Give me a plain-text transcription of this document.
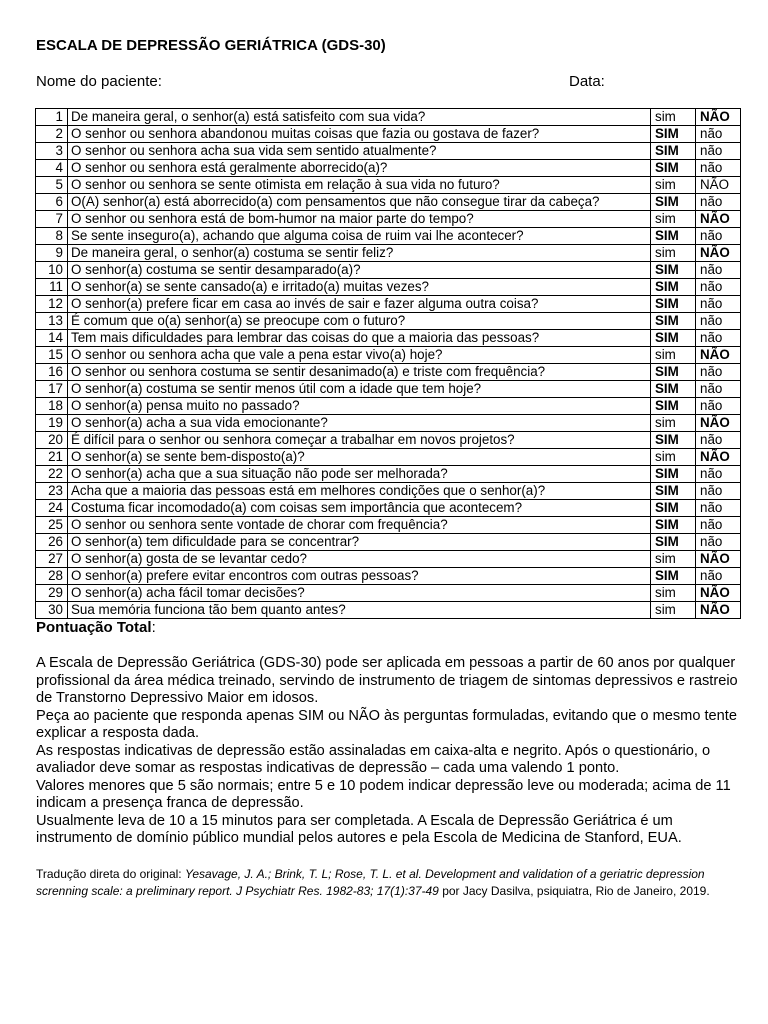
ESCALA DE DEPRESSÃO GERIÁTRICA (GDS-30)
Nome do paciente:	Data:
1	De maneira geral, o senhor(a) está satisfeito com sua vida?	sim	NÃO
2	O senhor ou senhora abandonou muitas coisas que fazia ou gostava de fazer?	SIM	não
3	O senhor ou senhora acha sua vida sem sentido atualmente?	SIM	não
4	O senhor ou senhora está geralmente aborrecido(a)?	SIM	não
5	O senhor ou senhora se sente otimista em relação à sua vida no futuro?	sim	NÃO
6	O(A) senhor(a) está aborrecido(a) com pensamentos que não consegue tirar da cabeça?	SIM	não
7	O senhor ou senhora está de bom-humor na maior parte do tempo?	sim	NÃO
8	Se sente inseguro(a), achando que alguma coisa de ruim vai lhe acontecer?	SIM	não
9	De maneira geral, o senhor(a) costuma se sentir feliz?	sim	NÃO
10	O senhor(a) costuma se sentir desamparado(a)?	SIM	não
11	O senhor(a) se sente cansado(a) e irritado(a) muitas vezes?	SIM	não
12	O senhor(a) prefere ficar em casa ao invés de sair e fazer alguma outra coisa?	SIM	não
13	É comum que o(a) senhor(a) se preocupe com o futuro?	SIM	não
14	Tem mais dificuldades para lembrar das coisas do que a maioria das pessoas?	SIM	não
15	O senhor ou senhora acha que vale a pena estar vivo(a) hoje?	sim	NÃO
16	O senhor ou senhora costuma se sentir desanimado(a) e triste com frequência?	SIM	não
17	O senhor(a) costuma se sentir menos útil com a idade que tem hoje?	SIM	não
18	O senhor(a) pensa muito no passado?	SIM	não
19	O senhor(a) acha a sua vida emocionante?	sim	NÃO
20	É difícil para o senhor ou senhora começar a trabalhar em novos projetos?	SIM	não
21	O senhor(a) se sente bem-disposto(a)?	sim	NÃO
22	O senhor(a) acha que a sua situação não pode ser melhorada?	SIM	não
23	Acha que a maioria das pessoas está em melhores condições que o senhor(a)?	SIM	não
24	Costuma ficar incomodado(a) com coisas sem importância que acontecem?	SIM	não
25	O senhor ou senhora sente vontade de chorar com frequência?	SIM	não
26	O senhor(a) tem dificuldade para se concentrar?	SIM	não
27	O senhor(a) gosta de se levantar cedo?	sim	NÃO
28	O senhor(a) prefere evitar encontros com outras pessoas?	SIM	não
29	O senhor(a) acha fácil tomar decisões?	sim	NÃO
30	Sua memória funciona tão bem quanto antes?	sim	NÃO
Pontuação Total:

A Escala de Depressão Geriátrica (GDS-30) pode ser aplicada em pessoas a partir de 60 anos por qualquer profissional da área médica treinado, servindo de instrumento de triagem de sintomas depressivos e rastreio de Transtorno Depressivo Maior em idosos.

Peça ao paciente que responda apenas SIM ou NÃO às perguntas formuladas, evitando que o mesmo tente explicar a resposta dada.

As respostas indicativas de depressão estão assinaladas em caixa-alta e negrito. Após o questionário, o avaliador deve somar as respostas indicativas de depressão – cada uma valendo 1 ponto.

Valores menores que 5 são normais; entre 5 e 10 podem indicar depressão leve ou moderada; acima de 11 indicam a presença franca de depressão.

Usualmente leva de 10 a 15 minutos para ser completada. A Escala de Depressão Geriátrica é um instrumento de domínio público mundial pelos autores e pela Escola de Medicina de Stanford, EUA.

Tradução direta do original: Yesavage, J. A.; Brink, T. L; Rose, T. L. et al. Development and validation of a geriatric depression screnning scale: a preliminary report. J Psychiatr Res. 1982-83; 17(1):37-49 por Jacy Dasilva, psiquiatra, Rio de Janeiro, 2019.
